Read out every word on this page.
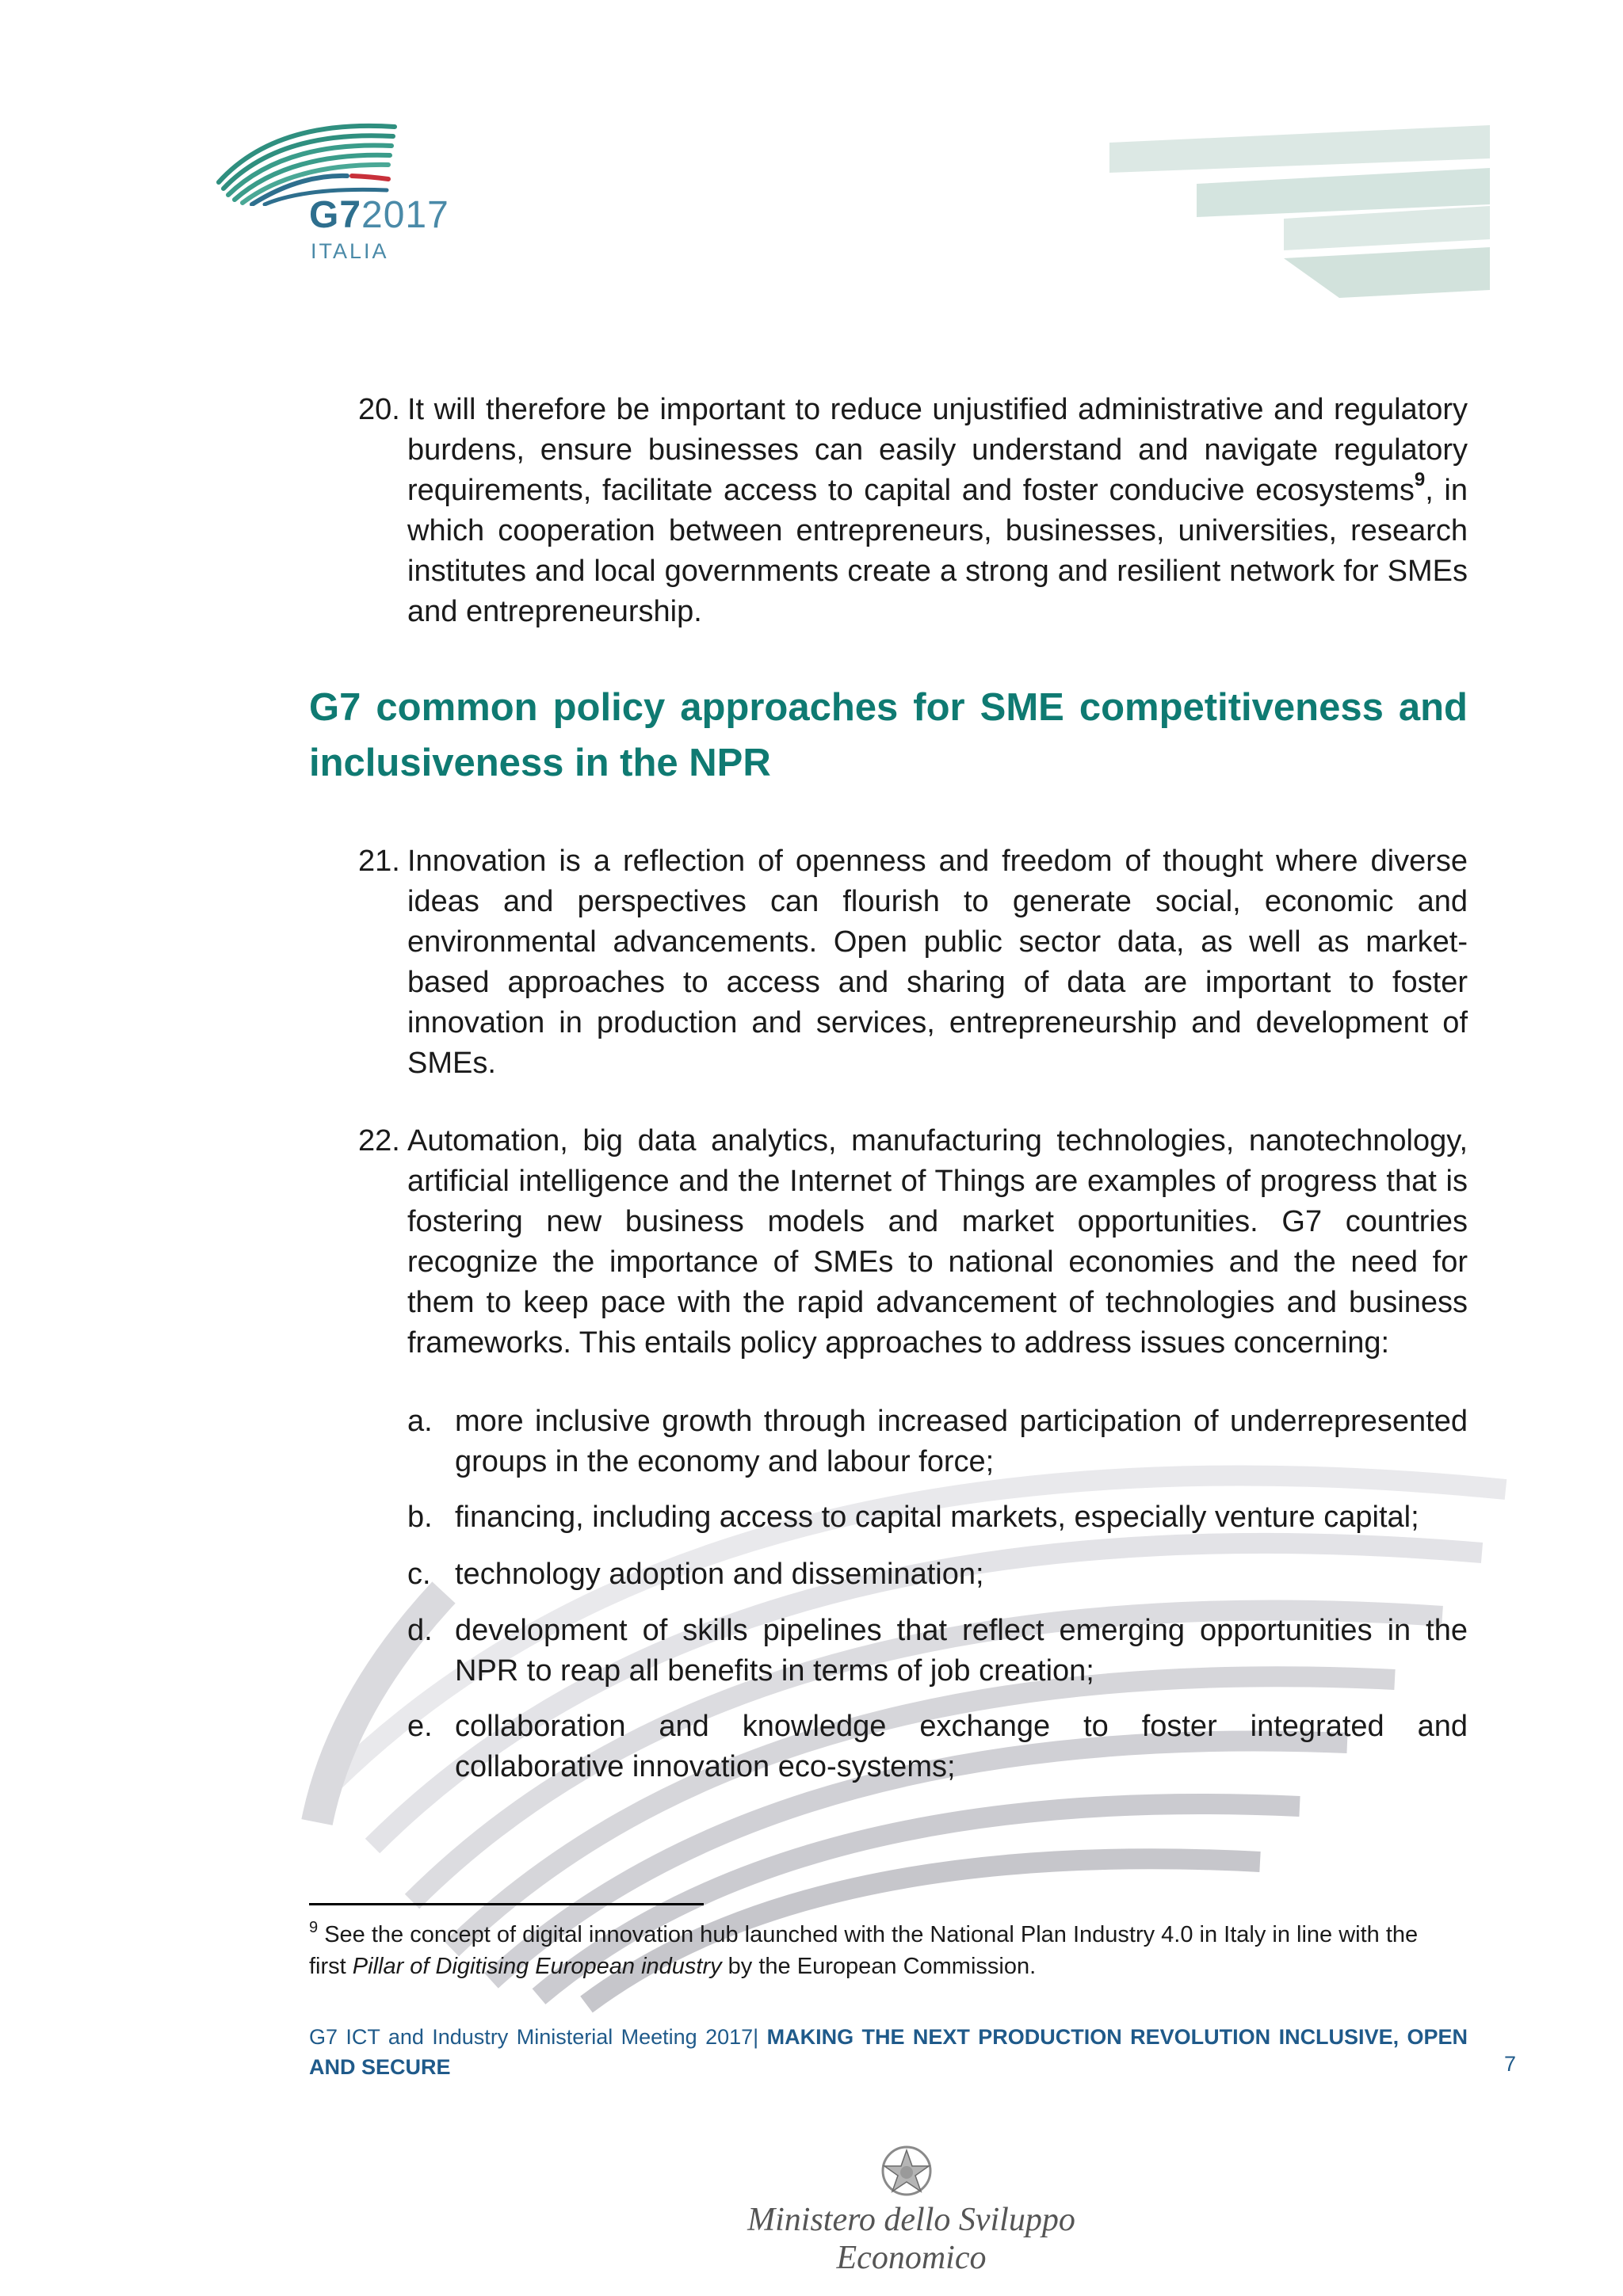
G72017
ITALIA
20. It will therefore be important to reduce unjustified administrative and regulatory burdens, ensure businesses can easily understand and navigate regulatory requirements, facilitate access to capital and foster conducive ecosystems$^9$, in which cooperation between entrepreneurs, businesses, universities, research institutes and local governments create a strong and resilient network for SMEs and entrepreneurship.
G7 common policy approaches for SME competitiveness and inclusiveness in the NPR
21. Innovation is a reflection of openness and freedom of thought where diverse ideas and perspectives can flourish to generate social, economic and environmental advancements. Open public sector data, as well as market-based approaches to access and sharing of data are important to foster innovation in production and services, entrepreneurship and development of SMEs.
22. Automation, big data analytics, manufacturing technologies, nanotechnology, artificial intelligence and the Internet of Things are examples of progress that is fostering new business models and market opportunities. G7 countries recognize the importance of SMEs to national economies and the need for them to keep pace with the rapid advancement of technologies and business frameworks. This entails policy approaches to address issues concerning:
a. more inclusive growth through increased participation of underrepresented groups in the economy and labour force;
b. financing, including access to capital markets, especially venture capital;
c. technology adoption and dissemination;
d. development of skills pipelines that reflect emerging opportunities in the NPR to reap all benefits in terms of job creation;
e. collaboration and knowledge exchange to foster integrated and collaborative innovation eco-systems;
$^9$ See the concept of digital innovation hub launched with the National Plan Industry 4.0 in Italy in line with the first Pillar of Digitising European industry by the European Commission.
G7 ICT and Industry Ministerial Meeting 2017| MAKING THE NEXT PRODUCTION REVOLUTION INCLUSIVE, OPEN AND SECURE	7
Ministero dello Sviluppo Economico
